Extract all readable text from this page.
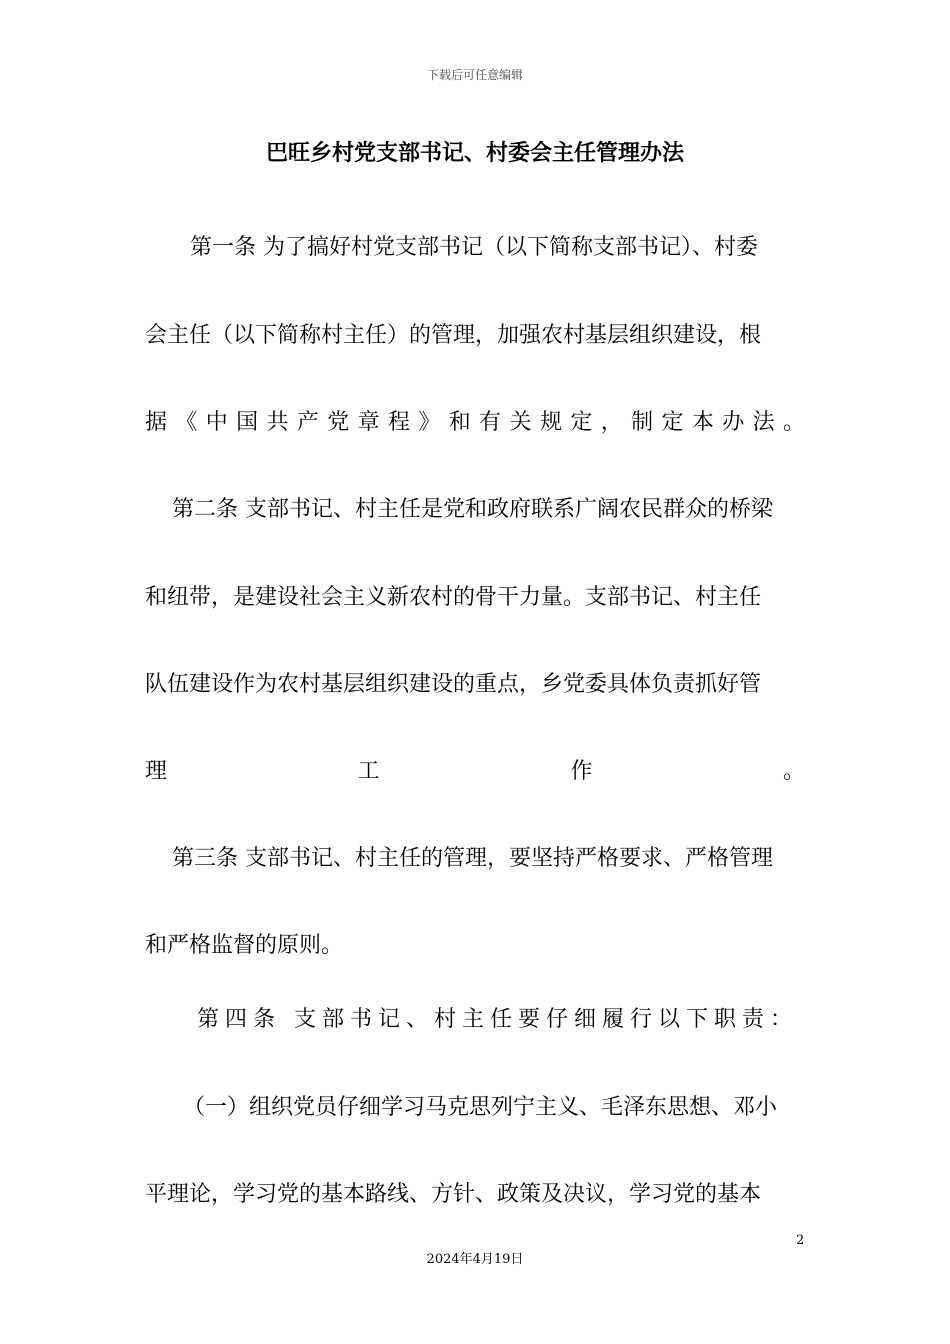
下载后可任意编辑
巴旺乡村党支部书记、村委会主任管理办法
第一条 为了搞好村党支部书记（以下简称支部书记）、村委
会主任（以下简称村主任）的管理，加强农村基层组织建设，根
据《中国共产党章程》和有关规定，制定本办法。
第二条 支部书记、村主任是党和政府联系广阔农民群众的桥梁
和纽带，是建设社会主义新农村的骨干力量。支部书记、村主任
队伍建设作为农村基层组织建设的重点，乡党委具体负责抓好管
理工作。
第三条 支部书记、村主任的管理，要坚持严格要求、严格管理
和严格监督的原则。
第四条 支部书记、村主任要仔细履行以下职责：
（一）组织党员仔细学习马克思列宁主义、毛泽东思想、邓小
平理论，学习党的基本路线、方针、政策及决议，学习党的基本
2
2024年4月19日
